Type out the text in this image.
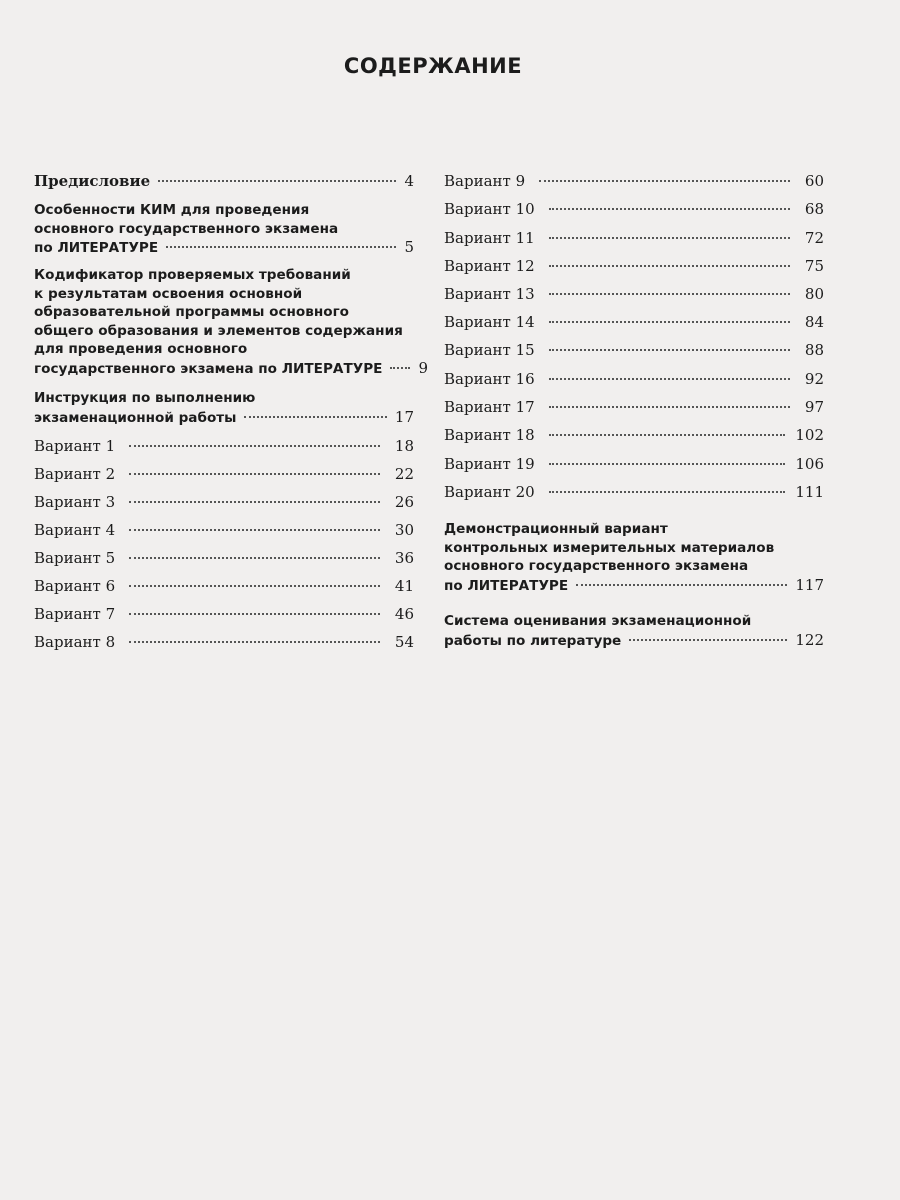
СОДЕРЖАНИЕ
Предисловие	4
Особенности КИМ для проведения
основного государственного экзамена
по ЛИТЕРАТУРЕ	5
Кодификатор проверяемых требований
к результатам освоения основной
образовательной программы основного
общего образования и элементов содержания
для проведения основного
государственного экзамена по ЛИТЕРАТУРЕ 9
Инструкция по выполнению
экзаменационной работы	17
Вариант 1	18
Вариант 2	22
Вариант 3	26
Вариант 4	30
Вариант 5	36
Вариант 6	41
Вариант 7	46
Вариант 8	54
Вариант 9	60
Вариант 10	68
Вариант 11	72
Вариант 12	75
Вариант 13	80
Вариант 14	84
Вариант 15	88
Вариант 16	92
Вариант 17	97
Вариант 18	102
Вариант 19	106
Вариант 20	111
Демонстрационный вариант
контрольных измерительных материалов
основного государственного экзамена
по ЛИТЕРАТУРЕ	117
Система оценивания экзаменационной
работы по литературе	122
